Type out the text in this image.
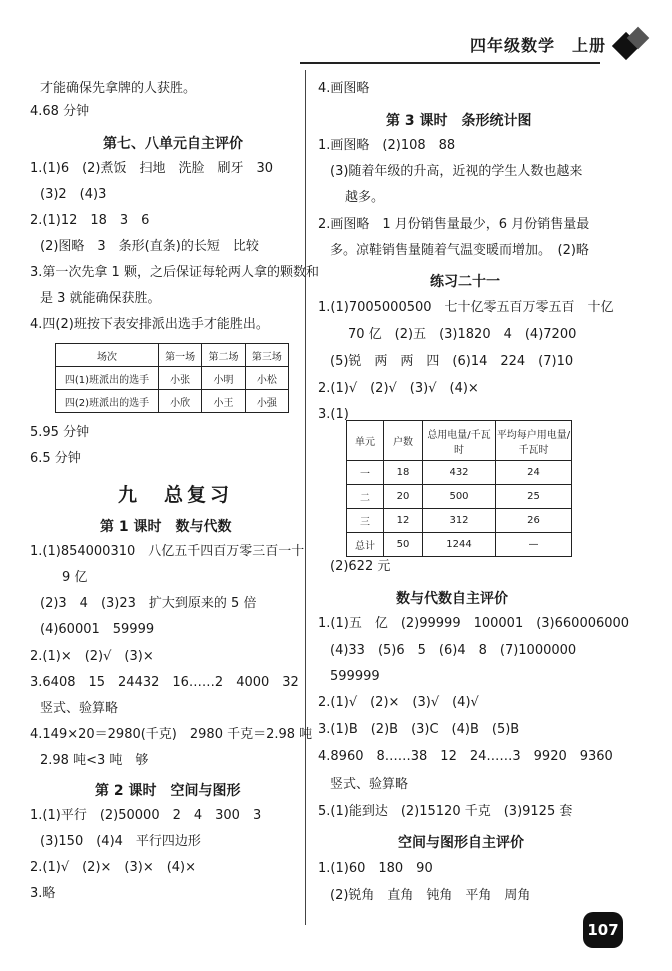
四年级数学　上册
才能确保先拿牌的人获胜。
4.68 分钟
第七、八单元自主评价
1.(1)6　(2)煮饭　扫地　洗脸　刷牙　30
(3)2　(4)3
2.(1)12　18　3　6
(2)图略　3　条形(直条)的长短　比较
3.第一次先拿 1 颗，之后保证每轮两人拿的颗数和
是 3 就能确保获胜。
4.四(2)班按下表安排派出选手才能胜出。
场次	第一场	第二场	第三场
四(1)班派出的选手	小张	小明	小松
四(2)班派出的选手	小欣	小王	小强
5.95 分钟
6.5 分钟
九　总复习
第 1 课时　数与代数
1.(1)854000310　八亿五千四百万零三百一十
9 亿
(2)3　4　(3)23　扩大到原来的 5 倍
(4)60001　59999
2.(1)×　(2)√　(3)×
3.6408　15　24432　16……2　4000　32
竖式、验算略
4.149×20＝2980(千克)　2980 千克＝2.98 吨
2.98 吨<3 吨　够
第 2 课时　空间与图形
1.(1)平行　(2)50000　2　4　300　3
(3)150　(4)4　平行四边形
2.(1)√　(2)×　(3)×　(4)×
3.略
4.画图略
第 3 课时　条形统计图
1.画图略　(2)108　88
(3)随着年级的升高，近视的学生人数也越来
越多。
2.画图略　1 月份销售量最少，6 月份销售量最
多。凉鞋销售量随着气温变暖而增加。　(2)略
练习二十一
1.(1)7005000500　七十亿零五百万零五百　十亿
70 亿　(2)五　(3)1820　4　(4)7200
(5)锐　两　两　四　(6)14　224　(7)10
2.(1)√　(2)√　(3)√　(4)×
3.(1)
单元	户数	总用电量/千瓦时	平均每户用电量/千瓦时
一	18	432	24
二	20	500	25
三	12	312	26
总计	50	1244	—
(2)622 元
数与代数自主评价
1.(1)五　亿　(2)99999　100001　(3)660006000
(4)33　(5)6　5　(6)4　8　(7)1000000
599999
2.(1)√　(2)×　(3)√　(4)√
3.(1)B　(2)B　(3)C　(4)B　(5)B
4.8960　8……38　12　24……3　9920　9360
竖式、验算略
5.(1)能到达　(2)15120 千克　(3)9125 套
空间与图形自主评价
1.(1)60　180　90
(2)锐角　直角　钝角　平角　周角
107
